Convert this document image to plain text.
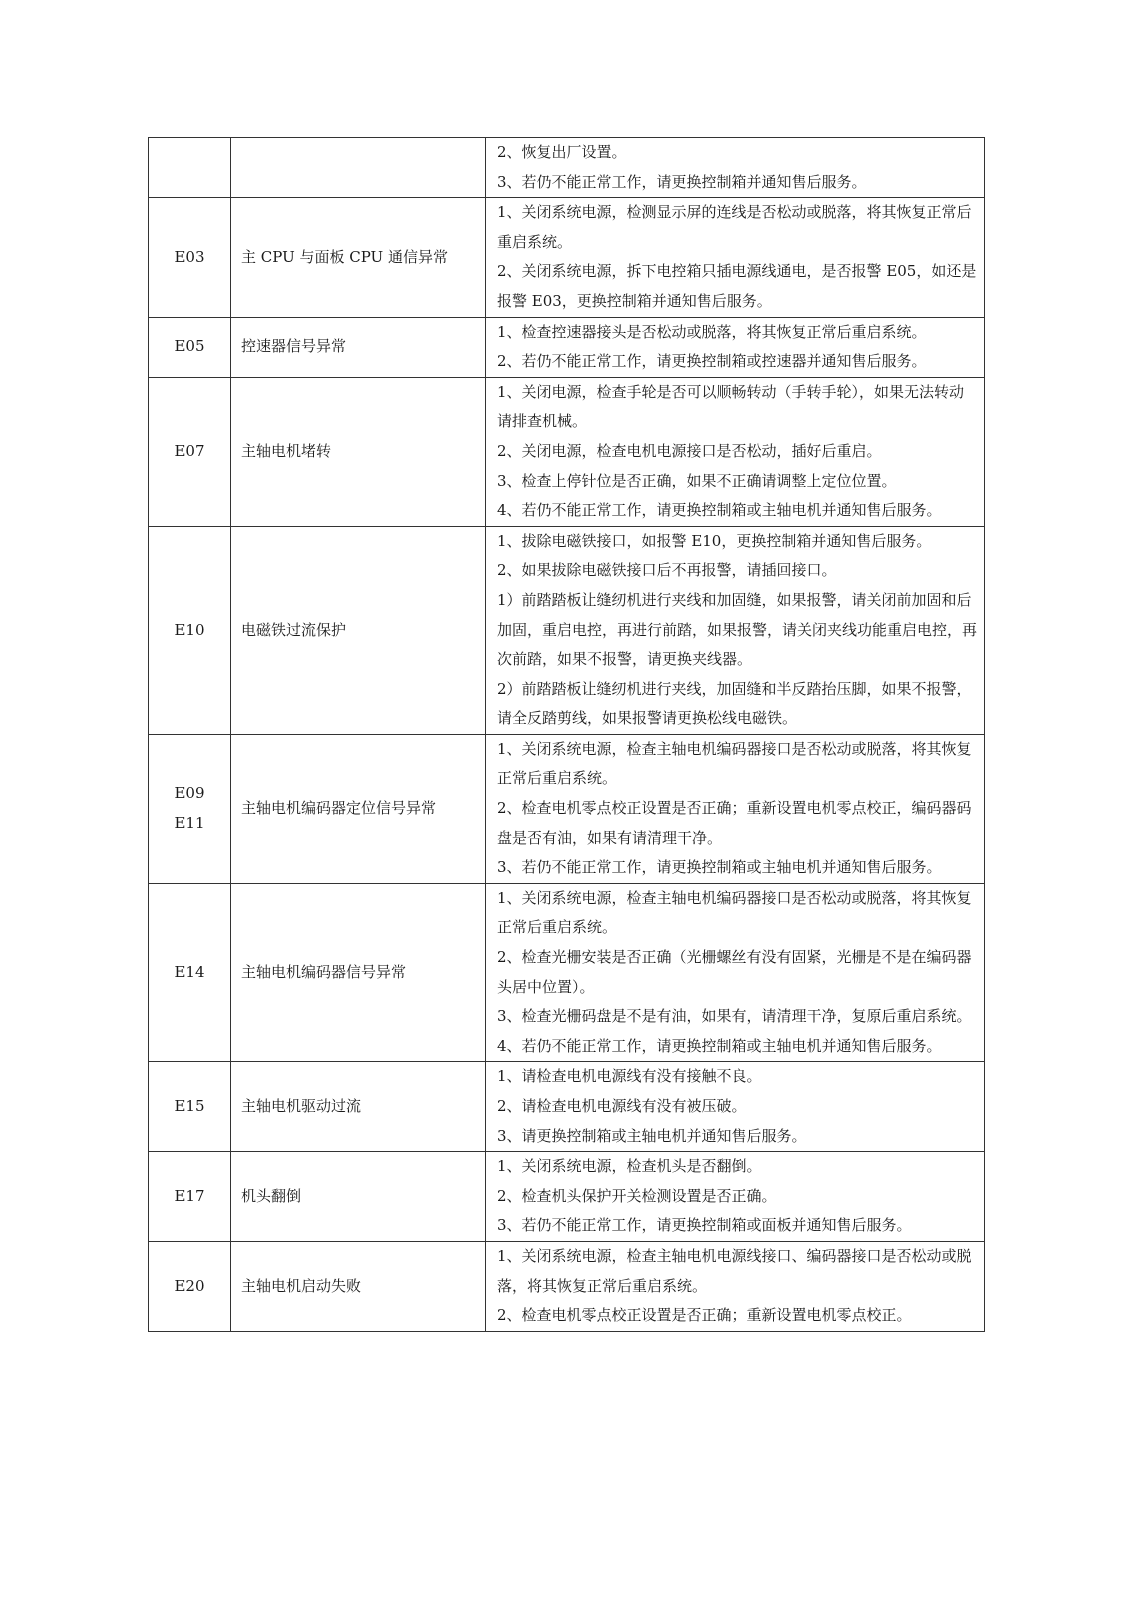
		2、恢复出厂设置。
3、若仍不能正常工作，请更换控制箱并通知售后服务。

E03	主 CPU 与面板 CPU 通信异常	1、关闭系统电源，检测显示屏的连线是否松动或脱落，将其恢复正常后重启系统。
2、关闭系统电源，拆下电控箱只插电源线通电，是否报警 E05，如还是报警 E03，更换控制箱并通知售后服务。

E05	控速器信号异常	1、检查控速器接头是否松动或脱落，将其恢复正常后重启系统。
2、若仍不能正常工作，请更换控制箱或控速器并通知售后服务。

E07	主轴电机堵转	1、关闭电源，检查手轮是否可以顺畅转动（手转手轮），如果无法转动请排查机械。
2、关闭电源，检查电机电源接口是否松动，插好后重启。
3、检查上停针位是否正确，如果不正确请调整上定位位置。
4、若仍不能正常工作，请更换控制箱或主轴电机并通知售后服务。

E10	电磁铁过流保护	1、拔除电磁铁接口，如报警 E10，更换控制箱并通知售后服务。
2、如果拔除电磁铁接口后不再报警，请插回接口。
1）前踏踏板让缝纫机进行夹线和加固缝，如果报警，请关闭前加固和后加固，重启电控，再进行前踏，如果报警，请关闭夹线功能重启电控，再次前踏，如果不报警，请更换夹线器。
2）前踏踏板让缝纫机进行夹线，加固缝和半反踏抬压脚，如果不报警，请全反踏剪线，如果报警请更换松线电磁铁。

E09
E11	主轴电机编码器定位信号异常	1、关闭系统电源，检查主轴电机编码器接口是否松动或脱落，将其恢复正常后重启系统。
2、检查电机零点校正设置是否正确；重新设置电机零点校正，编码器码盘是否有油，如果有请清理干净。
3、若仍不能正常工作，请更换控制箱或主轴电机并通知售后服务。

E14	主轴电机编码器信号异常	1、关闭系统电源，检查主轴电机编码器接口是否松动或脱落，将其恢复正常后重启系统。
2、检查光栅安装是否正确（光栅螺丝有没有固紧，光栅是不是在编码器头居中位置）。
3、检查光栅码盘是不是有油，如果有，请清理干净，复原后重启系统。
4、若仍不能正常工作，请更换控制箱或主轴电机并通知售后服务。

E15	主轴电机驱动过流	1、请检查电机电源线有没有接触不良。
2、请检查电机电源线有没有被压破。
3、请更换控制箱或主轴电机并通知售后服务。

E17	机头翻倒	1、关闭系统电源，检查机头是否翻倒。
2、检查机头保护开关检测设置是否正确。
3、若仍不能正常工作，请更换控制箱或面板并通知售后服务。

E20	主轴电机启动失败	1、关闭系统电源，检查主轴电机电源线接口、编码器接口是否松动或脱落，将其恢复正常后重启系统。
2、检查电机零点校正设置是否正确；重新设置电机零点校正。
